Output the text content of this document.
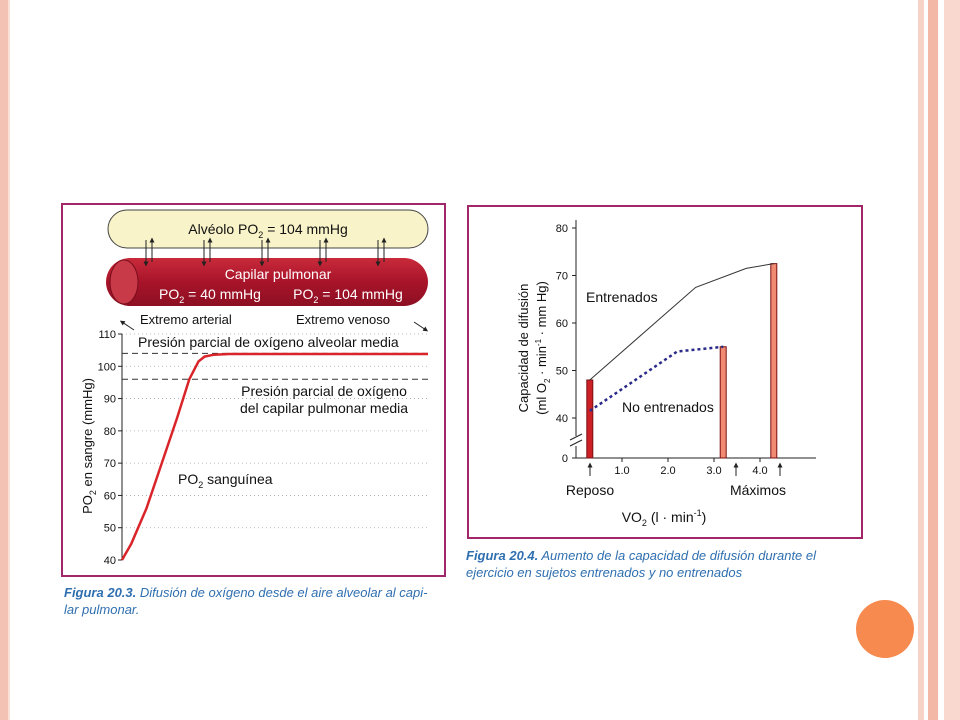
Alvéolo $PO_2 = 104$ mmHg
Capilar pulmonar
$PO_2 = 40$ mmHg $PO_2 = 104$ mmHg
Extremo arterial	Extremo venoso
40
50
60
70
80
90
100
110 Presión parcial de oxígeno alveolar media
Presión parcial de oxígeno
del capilar pulmonar media
$PO_2$ sanguínea
$PO_2$ en sangre (mmHg)
Figura 20.3. Difusión de oxígeno desde el aire alveolar al capi-
lar pulmonar.
0
40
50
60
70
80
1.0	2.0	3.0	4.0
Entrenados
No entrenados
Reposo	Máximos
$VO_2$ $(l \cdot \min^{-1})$
Capacidad de difusión (ml $O_2 \cdot \min^{-1}$ · mm Hg)
Figura 20.4. Aumento de la capacidad de difusión durante el
ejercicio en sujetos entrenados y no entrenados
